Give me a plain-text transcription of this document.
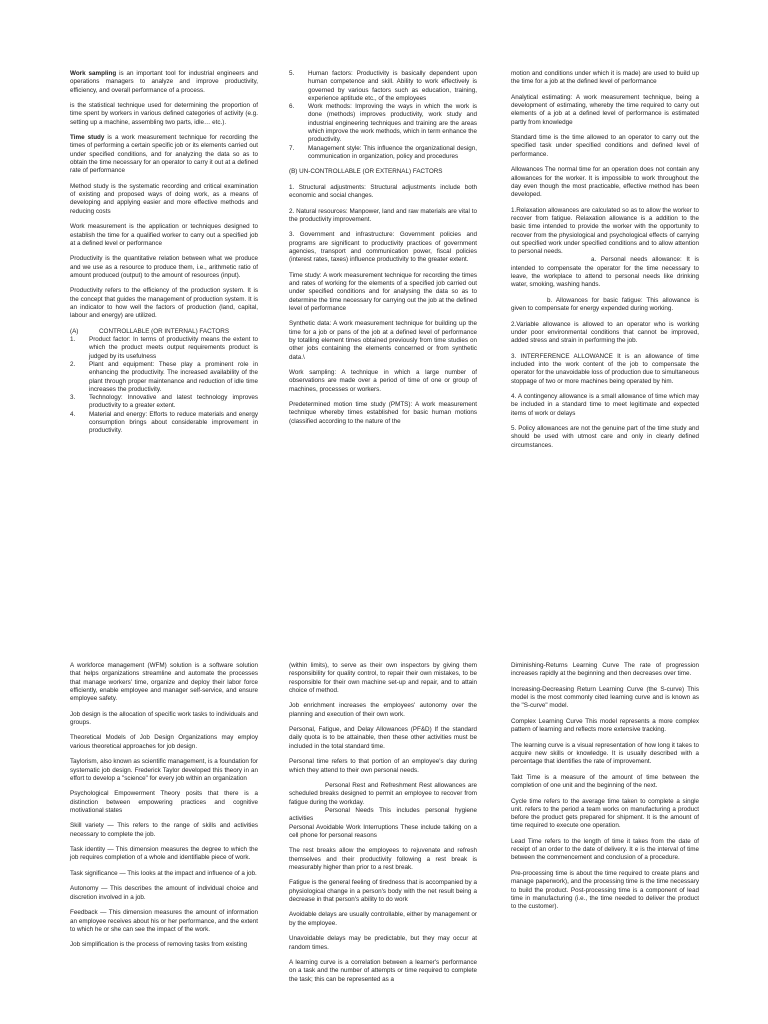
Work sampling is an important tool for industrial engineers and operations managers to analyze and improve productivity, efficiency, and overall performance of a process.

is the statistical technique used for determining the proportion of time spent by workers in various defined categories of activity (e.g. setting up a machine, assembling two parts, idle… etc.).

Time study is a work measurement technique for recording the times of performing a certain specific job or its elements carried out under specified conditions, and for analyzing the data so as to obtain the time necessary for an operator to carry it out at a defined rate of performance

Method study is the systematic recording and critical examination of existing and proposed ways of doing work, as a means of developing and applying easier and more effective methods and reducing costs

Work measurement is the application or techniques designed to establish the time for a qualified worker to carry out a specified job at a defined level or performance

Productivity is the quantitative relation between what we produce and we use as a resource to produce them, i.e., arithmetic ratio of amount produced (output) to the amount of resources (input).

Productivity refers to the efficiency of the production system. It is the concept that guides the management of production system. It is an indicator to how well the factors of production (land, capital, labour and energy) are utilized.

(A)	CONTROLLABLE (OR INTERNAL) FACTORS
1.	Product factor: In terms of productivity means the extent to which the product meets output requirements product is judged by its usefulness
2.	Plant and equipment: These play a prominent role in enhancing the productivity. The increased availability of the plant through proper maintenance and reduction of idle time increases the productivity.
3.	Technology: Innovative and latest technology improves productivity to a greater extent.
4.	Material and energy: Efforts to reduce materials and energy consumption brings about considerable improvement in productivity.
5.	Human factors: Productivity is basically dependent upon human competence and skill. Ability to work effectively is governed by various factors such as education, training, experience aptitude etc., of the employees
6.	Work methods: Improving the ways in which the work is done (methods) improves productivity, work study and industrial engineering techniques and training are the areas which improve the work methods, which in term enhance the productivity.
7.	Management style: This influence the organizational design, communication in organization, policy and procedures

(B) UN-CONTROLLABLE (OR EXTERNAL) FACTORS

1. Structural adjustments: Structural adjustments include both economic and social changes.

2. Natural resources: Manpower, land and raw materials are vital to the productivity improvement.

3. Government and infrastructure: Government policies and programs are significant to productivity practices of government agencies, transport and communication power, fiscal policies (interest rates, taxes) influence productivity to the greater extent.

Time study: A work measurement technique for recording the times and rates of working for the elements of a specified job carried out under specified conditions and for analysing the data so as to determine the time necessary for carrying out the job at the defined level of performance

Synthetic data: A work measurement technique for building up the time for a job or pans of the job at a defined level of performance by totalling element times obtained previously from time studies on other jobs containing the elements concerned or from synthetic data.\

Work sampling: A technique in which a large number of observations are made over a period of time of one or group of machines, processes or workers.

Predetermined motion time study (PMTS): A work measurement technique whereby times established for basic human motions (classified according to the nature of the

motion and conditions under which it is made) are used to build up the time for a job at the defined level of performance

Analytical estimating: A work measurement technique, being a development of estimating, whereby the time required to carry out elements of a job at a defined level of performance is estimated partly from knowledge

Standard time is the time allowed to an operator to carry out the specified task under specified conditions and defined level of performance.

Allowances The normal time for an operation does not contain any allowances for the worker. It is impossible to work throughout the day even though the most practicable, effective method has been developed.

1.Relaxation allowances are calculated so as to allow the worker to recover from fatigue. Relaxation allowance is a addition to the basic time intended to provide the worker with the opportunity to recover from the physiological and psychological effects of carrying out specified work under specified conditions and to allow attention to personal needs.

a. Personal needs allowance: It is intended to compensate the operator for the time necessary to leave, the workplace to attend to personal needs like drinking water, smoking, washing hands.

b. Allowances for basic fatigue: This allowance is given to compensate for energy expended during working.

2.Variable allowance is allowed to an operator who is working under poor environmental conditions that cannot be improved, added stress and strain in performing the job.

3. INTERFERENCE ALLOWANCE It is an allowance of time included into the work content of the job to compensate the operator for the unavoidable loss of production due to simultaneous stoppage of two or more machines being operated by him.

4. A contingency allowance is a small allowance of time which may be included in a standard time to meet legitimate and expected items of work or delays

5. Policy allowances are not the genuine part of the time study and should be used with utmost care and only in clearly defined circumstances.

A workforce management (WFM) solution is a software solution that helps organizations streamline and automate the processes that manage workers' time, organize and deploy their labor force efficiently, enable employee and manager self-service, and ensure employee safety.

Job design is the allocation of specific work tasks to individuals and groups.

Theoretical Models of Job Design Organizations may employ various theoretical approaches for job design.

Taylorism, also known as scientific management, is a foundation for systematic job design. Frederick Taylor developed this theory in an effort to develop a "science" for every job within an organization

Psychological Empowerment Theory posits that there is a distinction between empowering practices and cognitive motivational states

Skill variety — This refers to the range of skills and activities necessary to complete the job.

Task identity — This dimension measures the degree to which the job requires completion of a whole and identifiable piece of work.

Task significance — This looks at the impact and influence of a job.

Autonomy — This describes the amount of individual choice and discretion involved in a job.

Feedback — This dimension measures the amount of information an employee receives about his or her performance, and the extent to which he or she can see the impact of the work.

Job simplification is the process of removing tasks from existing

(within limits), to serve as their own inspectors by giving them responsibility for quality control, to repair their own mistakes, to be responsible for their own machine set-up and repair, and to attain choice of method.

Job enrichment increases the employees' autonomy over the planning and execution of their own work.

Personal, Fatigue, and Delay Allowances (PF&D) If the standard daily quota is to be attainable, then these other activities must be included in the total standard time.

Personal time refers to that portion of an employee's day during which they attend to their own personal needs.

Personal Rest and Refreshment Rest allowances are scheduled breaks designed to permit an employee to recover from fatigue during the workday.
Personal Needs This includes personal hygiene activities
Personal Avoidable Work Interruptions These include talking on a cell phone for personal reasons

The rest breaks allow the employees to rejuvenate and refresh themselves and their productivity following a rest break is measurably higher than prior to a rest break.

Fatigue is the general feeling of tiredness that is accompanied by a physiological change in a person's body with the net result being a decrease in that person's ability to do work

Avoidable delays are usually controllable, either by management or by the employee.

Unavoidable delays may be predictable, but they may occur at random times.

A learning curve is a correlation between a learner's performance on a task and the number of attempts or time required to complete the task; this can be represented as a

Diminishing-Returns Learning Curve The rate of progression increases rapidly at the beginning and then decreases over time.

Increasing-Decreasing Return Learning Curve (the S-curve) This model is the most commonly cited learning curve and is known as the "S-curve" model.

Complex Learning Curve This model represents a more complex pattern of learning and reflects more extensive tracking.

The learning curve is a visual representation of how long it takes to acquire new skills or knowledge. It is usually described with a percentage that identifies the rate of improvement.

Takt Time is a measure of the amount of time between the completion of one unit and the beginning of the next.

Cycle time refers to the average time taken to complete a single unit. refers to the period a team works on manufacturing a product before the product gets prepared for shipment. It is the amount of time required to execute one operation.

Lead Time refers to the length of time it takes from the date of receipt of an order to the date of delivery. It e is the interval of time between the commencement and conclusion of a procedure.

Pre-processing time is about the time required to create plans and manage paperwork), and the processing time is the time necessary to build the product. Post-processing time is a component of lead time in manufacturing (i.e., the time needed to deliver the product to the customer).
